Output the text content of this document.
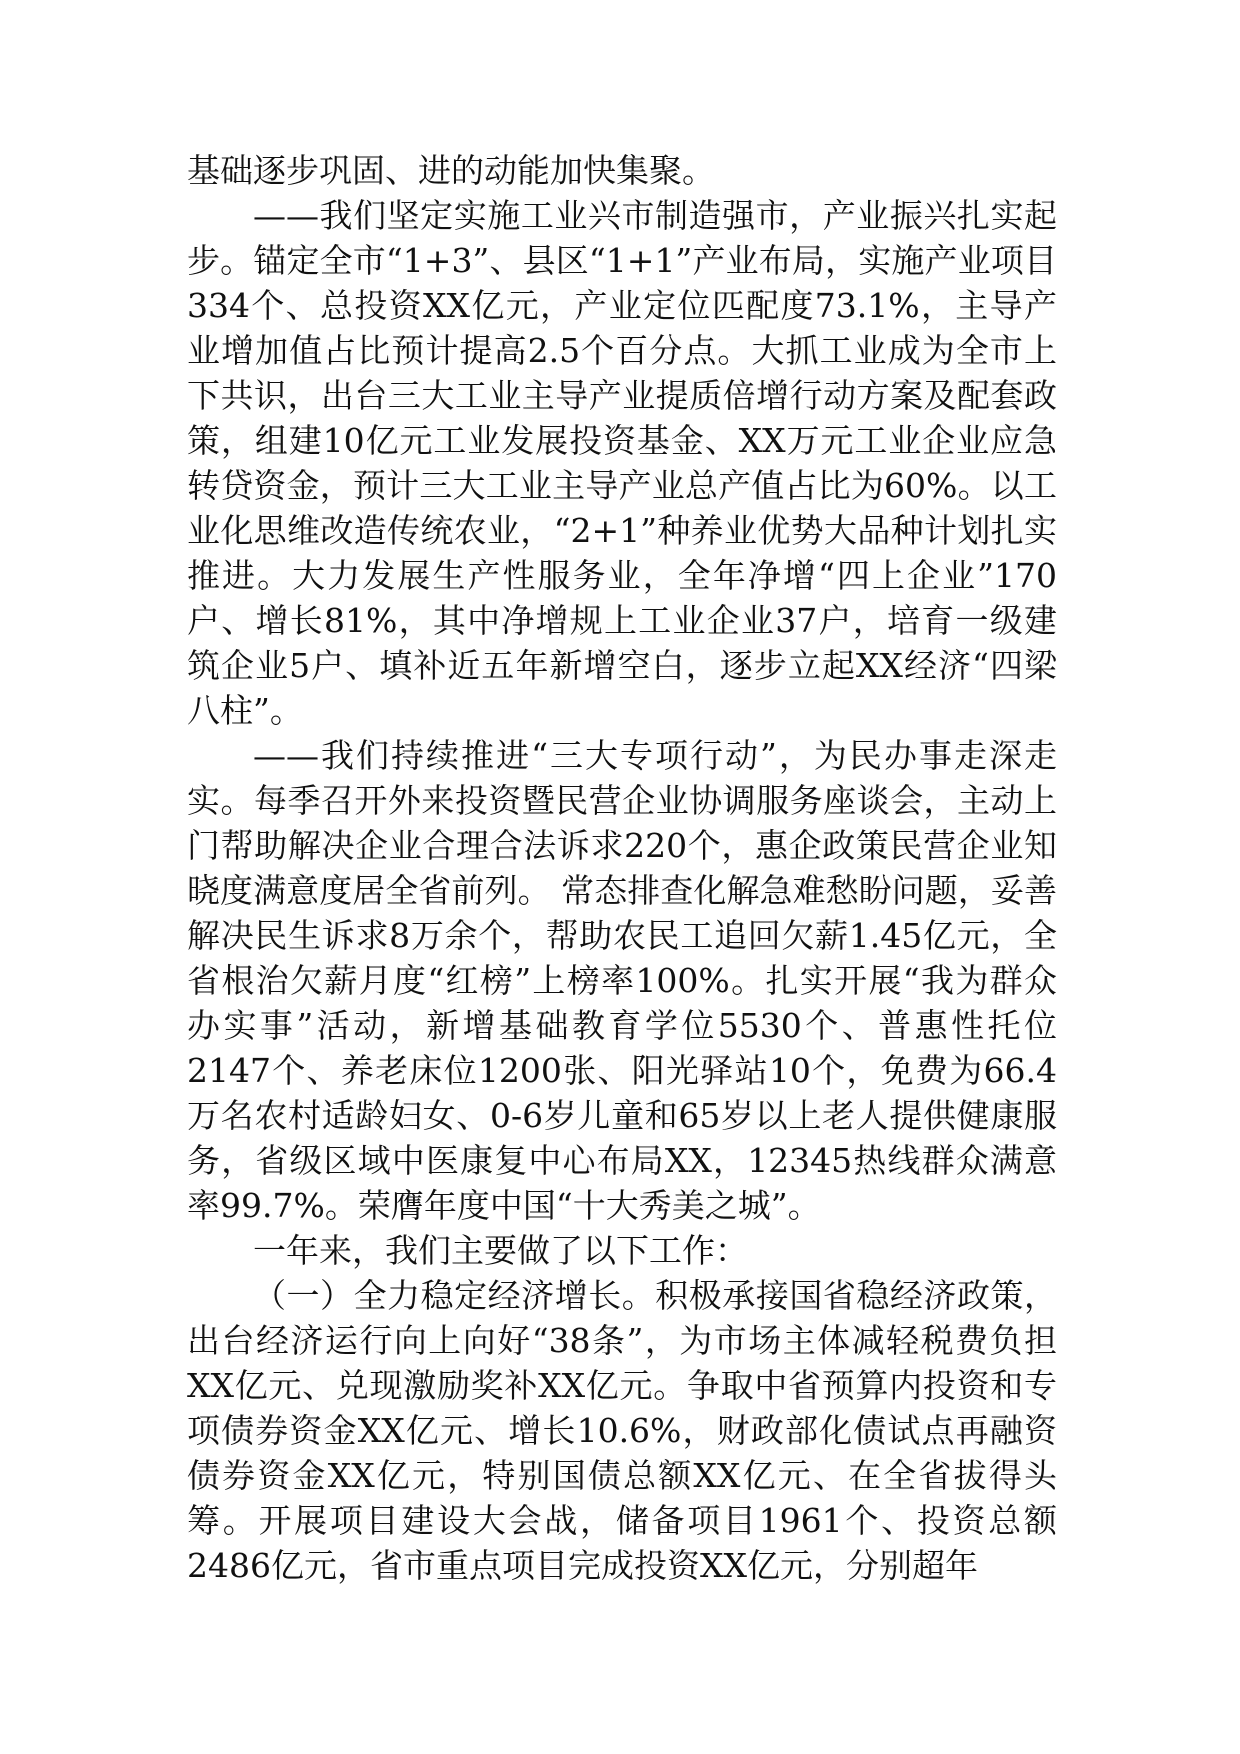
基础逐步巩固、进的动能加快集聚。

——我们坚定实施工业兴市制造强市，产业振兴扎实起步。锚定全市“1+3”、县区“1+1”产业布局，实施产业项目334个、总投资XX亿元，产业定位匹配度73.1%，主导产业增加值占比预计提高2.5个百分点。大抓工业成为全市上下共识，出台三大工业主导产业提质倍增行动方案及配套政策，组建10亿元工业发展投资基金、XX万元工业企业应急转贷资金，预计三大工业主导产业总产值占比为60%。以工业化思维改造传统农业，“2+1”种养业优势大品种计划扎实推进。大力发展生产性服务业，全年净增“四上企业”170户、增长81%，其中净增规上工业企业37户，培育一级建筑企业5户、填补近五年新增空白，逐步立起XX经济“四梁八柱”。

——我们持续推进“三大专项行动”，为民办事走深走实。每季召开外来投资暨民营企业协调服务座谈会，主动上门帮助解决企业合理合法诉求220个，惠企政策民营企业知晓度满意度居全省前列。 常态排查化解急难愁盼问题，妥善解决民生诉求8万余个，帮助农民工追回欠薪1.45亿元，全省根治欠薪月度“红榜”上榜率100%。扎实开展“我为群众办实事”活动，新增基础教育学位5530个、普惠性托位2147个、养老床位1200张、阳光驿站10个，免费为66.4万名农村适龄妇女、0-6岁儿童和65岁以上老人提供健康服务，省级区域中医康复中心布局XX，12345热线群众满意率99.7%。荣膺年度中国“十大秀美之城”。

一年来，我们主要做了以下工作：

（一）全力稳定经济增长。积极承接国省稳经济政策，出台经济运行向上向好“38条”，为市场主体减轻税费负担XX亿元、兑现激励奖补XX亿元。争取中省预算内投资和专项债券资金XX亿元、增长10.6%，财政部化债试点再融资债券资金XX亿元，特别国债总额XX亿元、在全省拔得头筹。开展项目建设大会战，储备项目1961个、投资总额2486亿元，省市重点项目完成投资XX亿元，分别超年
